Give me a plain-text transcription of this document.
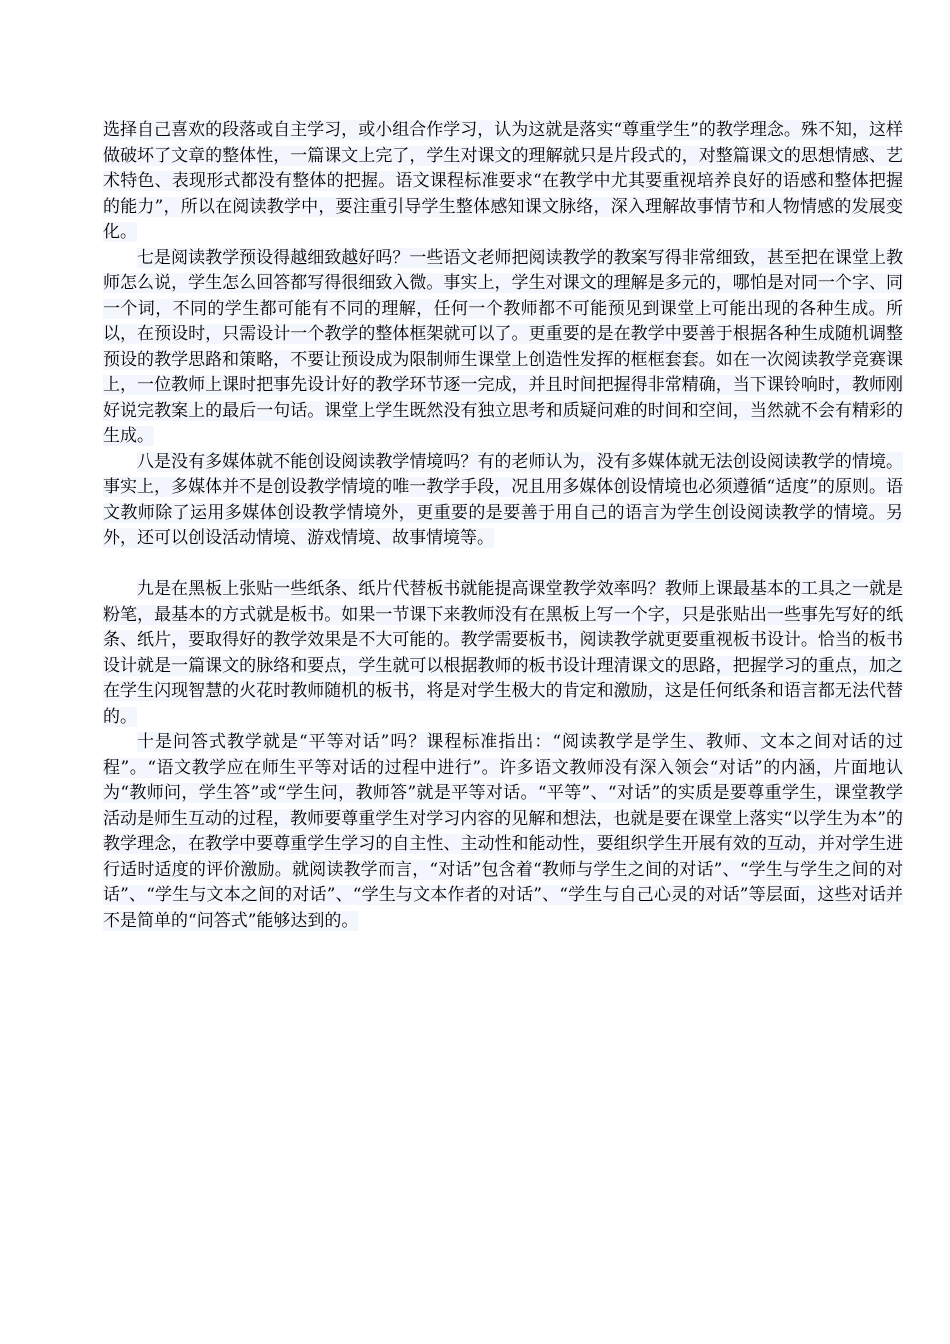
选择自己喜欢的段落或自主学习，或小组合作学习，认为这就是落实“尊重学生”的教学理念。殊不知，这样做破坏了文章的整体性，一篇课文上完了，学生对课文的理解就只是片段式的，对整篇课文的思想情感、艺术特色、表现形式都没有整体的把握。语文课程标准要求“在教学中尤其要重视培养良好的语感和整体把握的能力”，所以在阅读教学中，要注重引导学生整体感知课文脉络，深入理解故事情节和人物情感的发展变化。

七是阅读教学预设得越细致越好吗？一些语文老师把阅读教学的教案写得非常细致，甚至把在课堂上教师怎么说，学生怎么回答都写得很细致入微。事实上，学生对课文的理解是多元的，哪怕是对同一个字、同一个词，不同的学生都可能有不同的理解，任何一个教师都不可能预见到课堂上可能出现的各种生成。所以，在预设时，只需设计一个教学的整体框架就可以了。更重要的是在教学中要善于根据各种生成随机调整预设的教学思路和策略，不要让预设成为限制师生课堂上创造性发挥的框框套套。如在一次阅读教学竞赛课上，一位教师上课时把事先设计好的教学环节逐一完成，并且时间把握得非常精确，当下课铃响时，教师刚好说完教案上的最后一句话。课堂上学生既然没有独立思考和质疑问难的时间和空间，当然就不会有精彩的生成。

八是没有多媒体就不能创设阅读教学情境吗？有的老师认为，没有多媒体就无法创设阅读教学的情境。事实上，多媒体并不是创设教学情境的唯一教学手段，况且用多媒体创设情境也必须遵循“适度”的原则。语文教师除了运用多媒体创设教学情境外，更重要的是要善于用自己的语言为学生创设阅读教学的情境。另外，还可以创设活动情境、游戏情境、故事情境等。

九是在黑板上张贴一些纸条、纸片代替板书就能提高课堂教学效率吗？教师上课最基本的工具之一就是粉笔，最基本的方式就是板书。如果一节课下来教师没有在黑板上写一个字，只是张贴出一些事先写好的纸条、纸片，要取得好的教学效果是不大可能的。教学需要板书，阅读教学就更要重视板书设计。恰当的板书设计就是一篇课文的脉络和要点，学生就可以根据教师的板书设计理清课文的思路，把握学习的重点，加之在学生闪现智慧的火花时教师随机的板书，将是对学生极大的肯定和激励，这是任何纸条和语言都无法代替的。

十是问答式教学就是“平等对话”吗？课程标准指出：“阅读教学是学生、教师、文本之间对话的过程”。“语文教学应在师生平等对话的过程中进行”。许多语文教师没有深入领会“对话”的内涵，片面地认为“教师问，学生答”或“学生问，教师答”就是平等对话。“平等”、“对话”的实质是要尊重学生，课堂教学活动是师生互动的过程，教师要尊重学生对学习内容的见解和想法，也就是要在课堂上落实“以学生为本”的教学理念，在教学中要尊重学生学习的自主性、主动性和能动性，要组织学生开展有效的互动，并对学生进行适时适度的评价激励。就阅读教学而言，“对话”包含着“教师与学生之间的对话”、“学生与学生之间的对话”、“学生与文本之间的对话”、“学生与文本作者的对话”、“学生与自己心灵的对话”等层面，这些对话并不是简单的“问答式”能够达到的。
